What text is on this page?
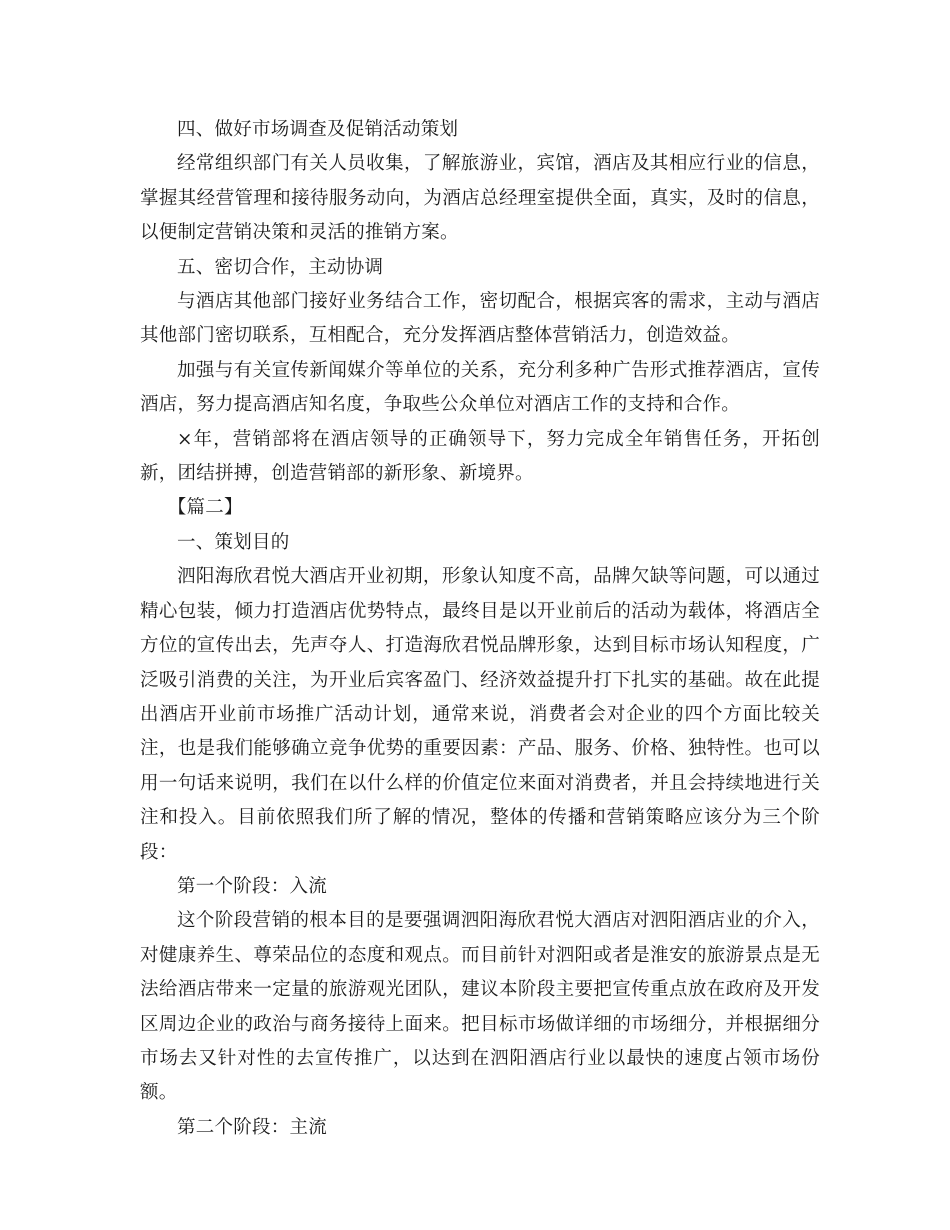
四、做好市场调查及促销活动策划

经常组织部门有关人员收集，了解旅游业，宾馆，酒店及其相应行业的信息，掌握其经营管理和接待服务动向，为酒店总经理室提供全面，真实，及时的信息，以便制定营销决策和灵活的推销方案。

五、密切合作，主动协调

与酒店其他部门接好业务结合工作，密切配合，根据宾客的需求，主动与酒店其他部门密切联系，互相配合，充分发挥酒店整体营销活力，创造效益。

加强与有关宣传新闻媒介等单位的关系，充分利多种广告形式推荐酒店，宣传酒店，努力提高酒店知名度，争取些公众单位对酒店工作的支持和合作。

×年，营销部将在酒店领导的正确领导下，努力完成全年销售任务，开拓创新，团结拼搏，创造营销部的新形象、新境界。

【篇二】

一、策划目的

泗阳海欣君悦大酒店开业初期，形象认知度不高，品牌欠缺等问题，可以通过精心包装，倾力打造酒店优势特点，最终目是以开业前后的活动为载体，将酒店全方位的宣传出去，先声夺人、打造海欣君悦品牌形象，达到目标市场认知程度，广泛吸引消费的关注，为开业后宾客盈门、经济效益提升打下扎实的基础。故在此提出酒店开业前市场推广活动计划，通常来说，消费者会对企业的四个方面比较关注，也是我们能够确立竞争优势的重要因素：产品、服务、价格、独特性。也可以用一句话来说明，我们在以什么样的价值定位来面对消费者，并且会持续地进行关注和投入。目前依照我们所了解的情况，整体的传播和营销策略应该分为三个阶段：

第一个阶段：入流

这个阶段营销的根本目的是要强调泗阳海欣君悦大酒店对泗阳酒店业的介入，对健康养生、尊荣品位的态度和观点。而目前针对泗阳或者是淮安的旅游景点是无法给酒店带来一定量的旅游观光团队，建议本阶段主要把宣传重点放在政府及开发区周边企业的政治与商务接待上面来。把目标市场做详细的市场细分，并根据细分市场去又针对性的去宣传推广，以达到在泗阳酒店行业以最快的速度占领市场份额。

第二个阶段：主流
